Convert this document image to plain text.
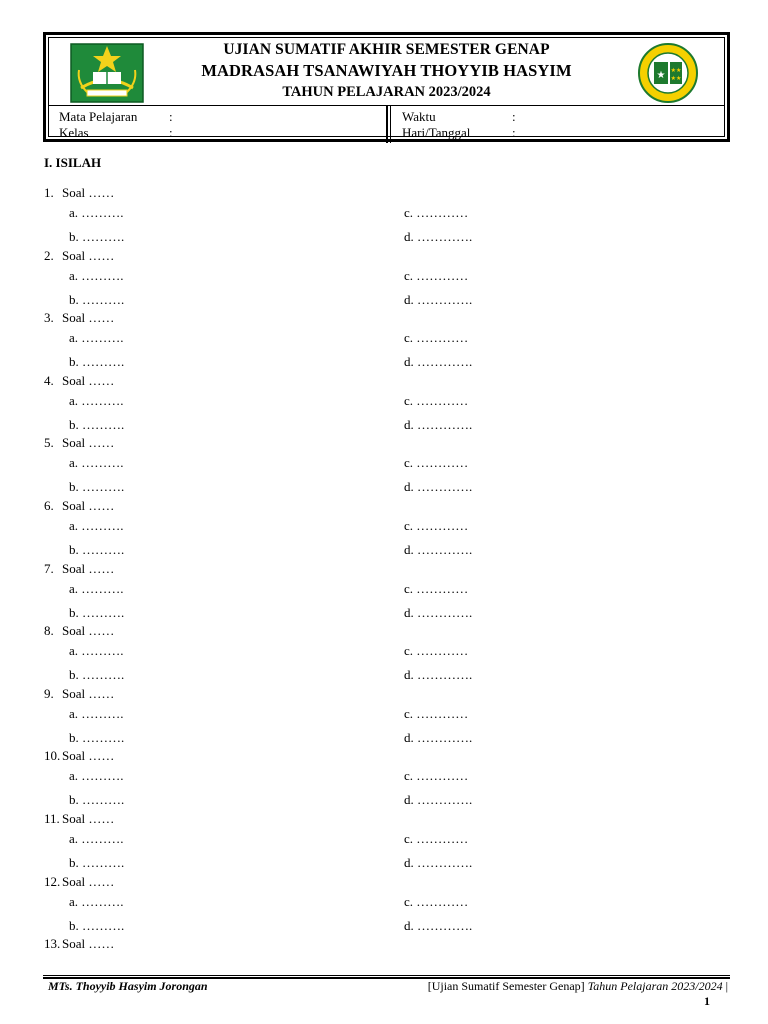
UJIAN SUMATIF AKHIR SEMESTER GENAP
MADRASAH TSANAWIYAH THOYYIB HASYIM
TAHUN PELAJARAN 2023/2024
★ ★★
★★
Mata Pelajaran :
Kelas	:
Waktu	:
Hari/Tanggal	:
I. ISILAH
1. Soal ……
a. ……….	c. …………
b. ……….	d. ………….
2. Soal ……
a. ……….	c. …………
b. ……….	d. ………….
3. Soal ……
a. ……….	c. …………
b. ……….	d. ………….
4. Soal ……
a. ……….	c. …………
b. ……….	d. ………….
5. Soal ……
a. ……….	c. …………
b. ……….	d. ………….
6. Soal ……
a. ……….	c. …………
b. ……….	d. ………….
7. Soal ……
a. ……….	c. …………
b. ……….	d. ………….
8. Soal ……
a. ……….	c. …………
b. ……….	d. ………….
9. Soal ……
a. ……….	c. …………
b. ……….	d. ………….
10. Soal ……
a. ……….	c. …………
b. ……….	d. ………….
11. Soal ……
a. ……….	c. …………
b. ……….	d. ………….
12. Soal ……
a. ……….	c. …………
b. ……….	d. ………….
13. Soal ……
MTs. Thoyyib Hasyim Jorongan	[Ujian Sumatif Semester Genap] Tahun Pelajaran 2023/2024 |
1
